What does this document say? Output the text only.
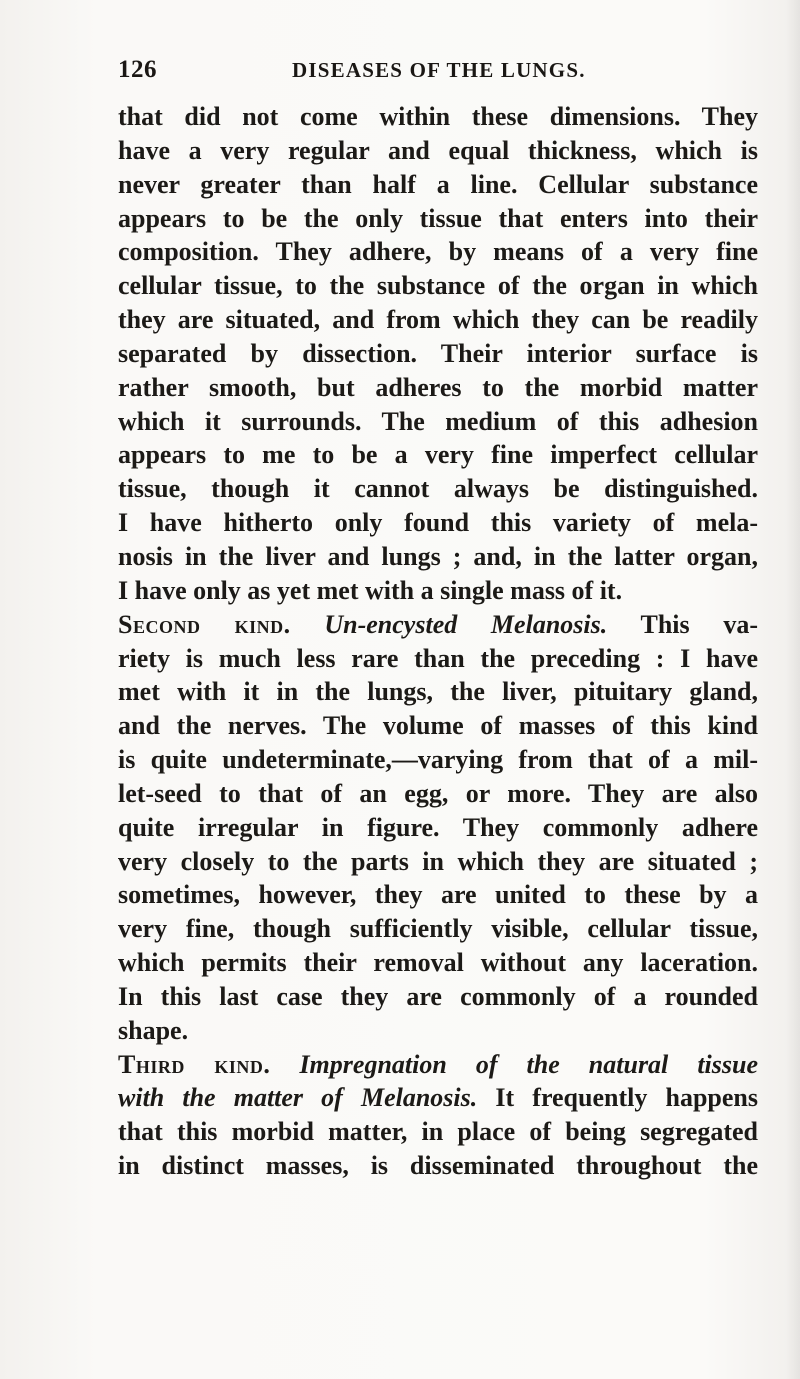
126	DISEASES OF THE LUNGS.
that did not come within these dimensions. They
have a very regular and equal thickness, which is
never greater than half a line. Cellular substance
appears to be the only tissue that enters into their
composition. They adhere, by means of a very fine
cellular tissue, to the substance of the organ in which
they are situated, and from which they can be readily
separated by dissection. Their interior surface is
rather smooth, but adheres to the morbid matter
which it surrounds. The medium of this adhesion
appears to me to be a very fine imperfect cellular
tissue, though it cannot always be distinguished.
I have hitherto only found this variety of mela-
nosis in the liver and lungs ; and, in the latter organ,
I have only as yet met with a single mass of it.
Second kind. Un-encysted Melanosis. This va-
riety is much less rare than the preceding : I have
met with it in the lungs, the liver, pituitary gland,
and the nerves. The volume of masses of this kind
is quite undeterminate,—varying from that of a mil-
let-seed to that of an egg, or more. They are also
quite irregular in figure. They commonly adhere
very closely to the parts in which they are situated ;
sometimes, however, they are united to these by a
very fine, though sufficiently visible, cellular tissue,
which permits their removal without any laceration.
In this last case they are commonly of a rounded
shape.
Third kind. Impregnation of the natural tissue
with the matter of Melanosis. It frequently happens
that this morbid matter, in place of being segregated
in distinct masses, is disseminated throughout the
